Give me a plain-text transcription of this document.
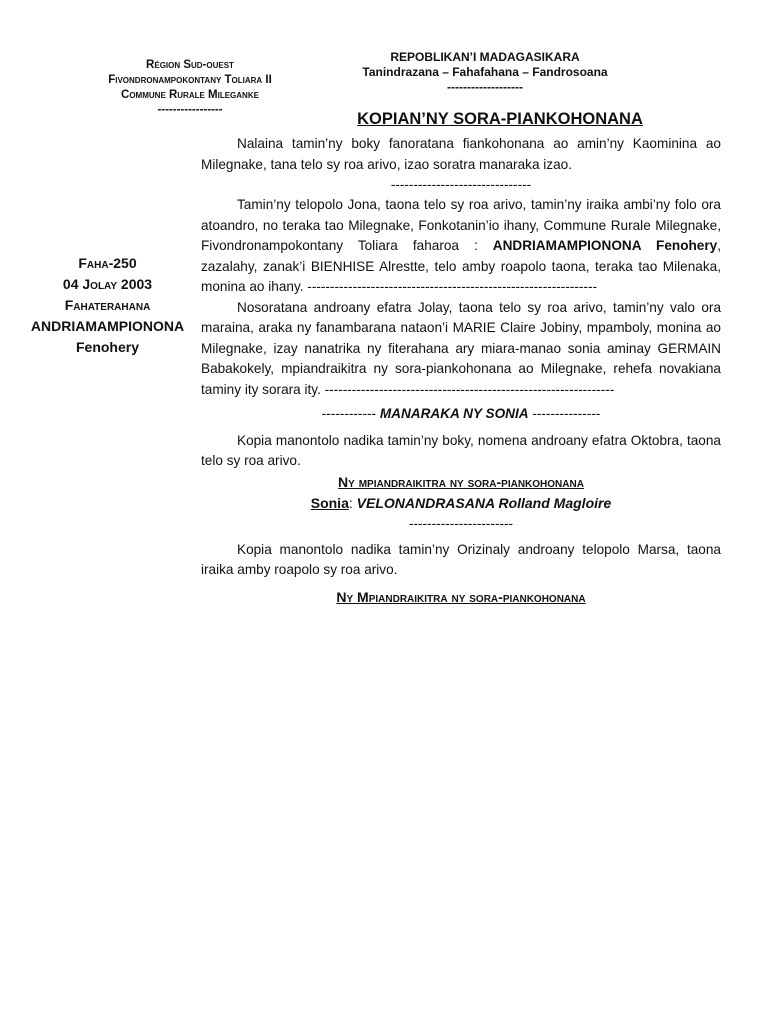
Région Sud-ouest
Fivondronampokontany Toliara II
Commune Rurale Mileganke
-----------------
REPOBLIKAN’I MADAGASIKARA
Tanindrazana – Fahafahana – Fandrosoana
-------------------
KOPIAN’NY SORA-PIANKOHONANA
Faha-250
04 Jolay 2003
Fahaterahana
ANDRIAMAMPIONONA
Fenohery

Nalaina tamin’ny boky fanoratana fiankohonana ao amin’ny Kaominina ao Milegnake, tana telo sy roa arivo, izao soratra manaraka izao.

-------------------------------

Tamin’ny telopolo Jona, taona telo sy roa arivo, tamin’ny iraika ambi’ny folo ora atoandro, no teraka tao Milegnake, Fonkotanin’io ihany, Commune Rurale Milegnake, Fivondronampokontany Toliara faharoa : ANDRIAMAMPIONONA Fenohery, zazalahy, zanak’i BIENHISE Alrestte, telo amby roapolo taona, teraka tao Milenaka, monina ao ihany. ----------------------------------------------------------------

Nosoratana androany efatra Jolay, taona telo sy roa arivo, tamin’ny valo ora maraina, araka ny fanambarana nataon’i MARIE Claire Jobiny, mpamboly, monina ao Milegnake, izay nanatrika ny fiterahana ary miara-manao sonia aminay GERMAIN Babakokely, mpiandraikitra ny sora-piankohonana ao Milegnake, rehefa novakiana taminy ity sorara ity. ----------------------------------------------------------------

------------ MANARAKA NY SONIA ---------------

Kopia manontolo nadika tamin’ny boky, nomena androany efatra Oktobra, taona telo sy roa arivo.

Ny mpiandraikitra ny sora-piankohonana
Sonia: VELONANDRASANA Rolland Magloire
-----------------------

Kopia manontolo nadika tamin’ny Orizinaly androany telopolo Marsa, taona iraika amby roapolo sy roa arivo.

Ny Mpiandraikitra ny sora-piankohonana
